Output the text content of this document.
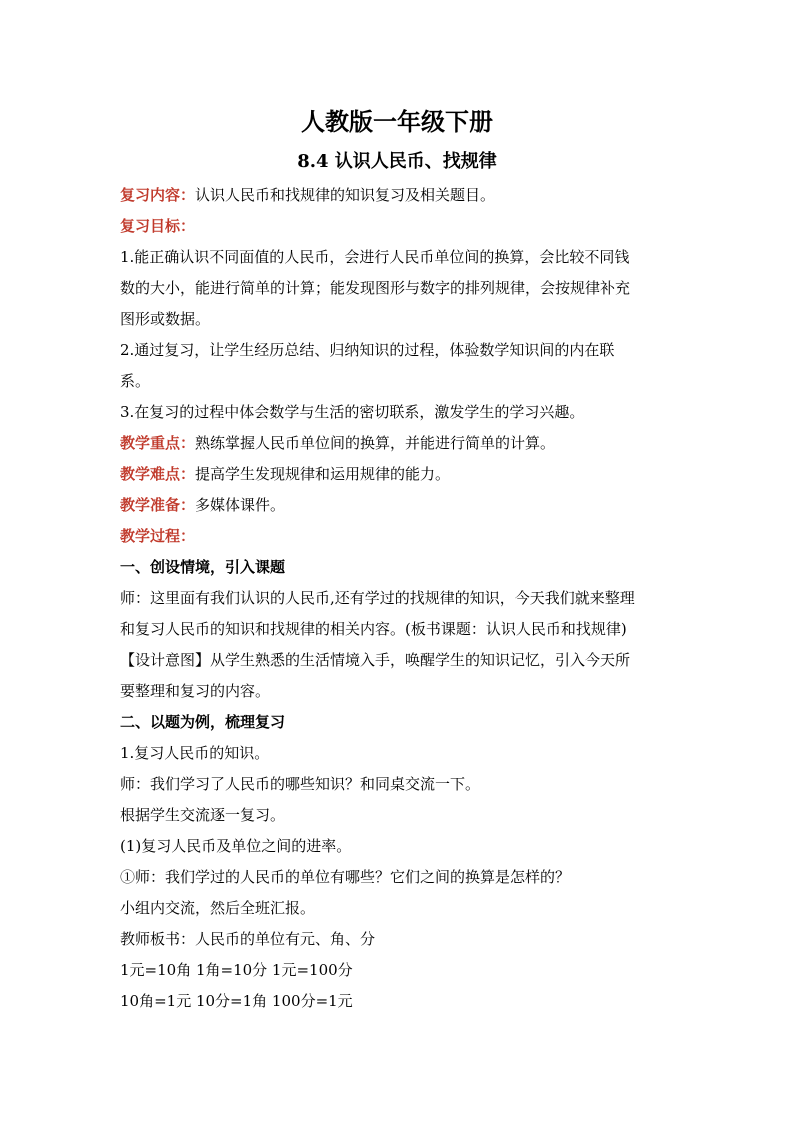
人教版一年级下册
8.4 认识人民币、找规律
复习内容：认识人民币和找规律的知识复习及相关题目。
复习目标：
1.能正确认识不同面值的人民币，会进行人民币单位间的换算，会比较不同钱
数的大小，能进行简单的计算；能发现图形与数字的排列规律，会按规律补充
图形或数据。
2.通过复习，让学生经历总结、归纳知识的过程，体验数学知识间的内在联
系。
3.在复习的过程中体会数学与生活的密切联系，激发学生的学习兴趣。
教学重点：熟练掌握人民币单位间的换算，并能进行简单的计算。
教学难点：提高学生发现规律和运用规律的能力。
教学准备：多媒体课件。
教学过程：
一、创设情境，引入课题
师：这里面有我们认识的人民币,还有学过的找规律的知识，今天我们就来整理
和复习人民币的知识和找规律的相关内容。(板书课题：认识人民币和找规律)
【设计意图】从学生熟悉的生活情境入手，唤醒学生的知识记忆，引入今天所
要整理和复习的内容。
二、以题为例，梳理复习
1.复习人民币的知识。
师：我们学习了人民币的哪些知识？和同桌交流一下。
根据学生交流逐一复习。
(1)复习人民币及单位之间的进率。
①师：我们学过的人民币的单位有哪些？它们之间的换算是怎样的？
小组内交流，然后全班汇报。
教师板书：人民币的单位有元、角、分
1元=10角 1角=10分 1元=100分
10角=1元 10分=1角 100分=1元
